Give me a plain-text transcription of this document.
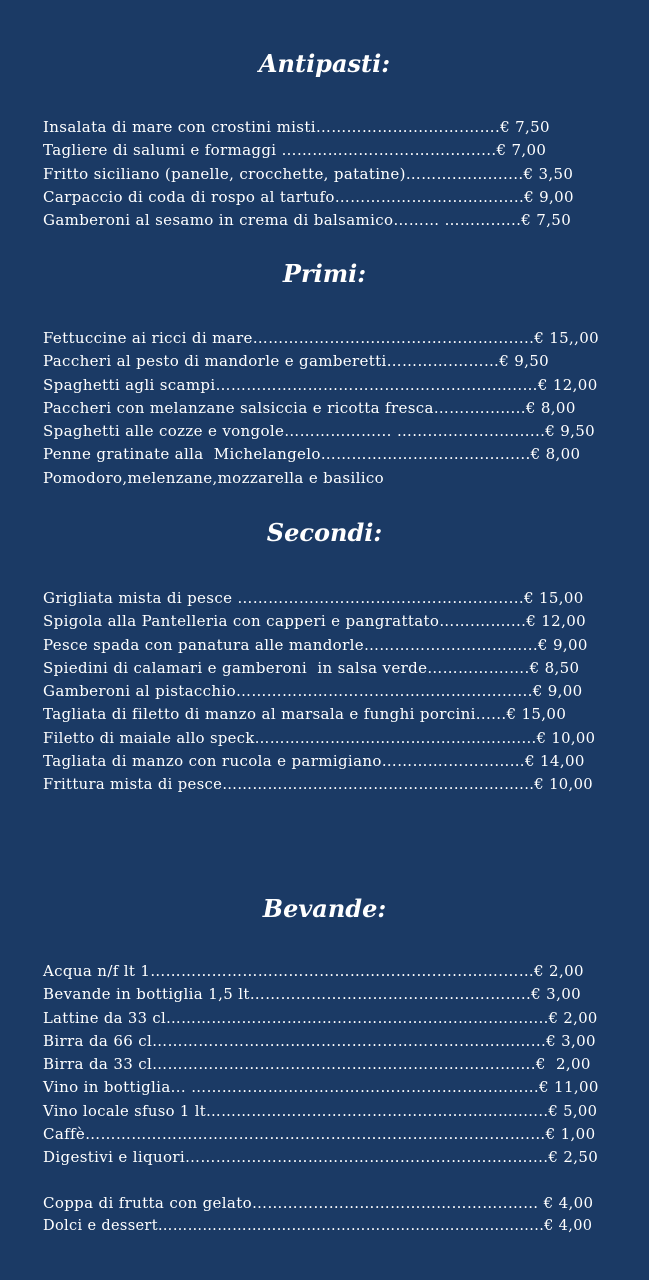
Antipasti:
Insalata di mare con crostini misti………………....…….…….€ 7,50
Tagliere di salumi e formaggi ……………….…….……..........€ 7,00
Fritto siciliano (panelle, crocchette, patatine)……….…….......€ 3,50
Carpaccio di coda di rospo al tartufo……………….…...……......€ 9,00
Gamberoni al sesamo in crema di balsamico……… ……….…..€ 7,50
Primi:
Fettuccine ai ricci di mare…………………………….….………........€ 15,,00
Paccheri al pesto di mandorle e gamberetti………….………€ 9,50
Spaghetti agli scampi……………………………………..................…€ 12,00
Paccheri con melanzane salsiccia e ricotta fresca…….…........€ 8,00
Spaghetti alle cozze e vongole………………... …….......................€ 9,50
Penne gratinate alla  Michelangelo…………………….……..........€ 8,00
Pomodoro,melenzane,mozzarella e basilico
Secondi:
Grigliata mista di pesce ……………………………………..............€ 15,00
Spigola alla Pantelleria con capperi e pangrattato…….……....€ 12,00
Pesce spada con panatura alle mandorle……………….…………...€ 9,00
Spiedini di calamari e gamberoni  in salsa verde…………….….€ 8,50
Gamberoni al pistacchio……………………………………….............€ 9,00
Tagliata di filetto di manzo al marsala e funghi porcini......€ 15,00
Filetto di maiale allo speck……………………….……........…….…....€ 10,00
Tagliata di manzo con rucola e parmigiano………….………...…€ 14,00
Frittura mista di pesce……………………………………….……….…...€ 10,00
Bevande:
Acqua n/f lt 1…………………………………………….….......…….……€ 2,00
Bevande in bottiglia 1,5 lt…………………………………....….……..€ 3,00
Lattine da 33 cl…………………………………………….......…….…........€ 2,00
Birra da 66 cl…………………………………………………….…….……...€ 3,00
Birra da 33 cl…………………………………………………….…….…….€  2,00
Vino in bottiglia... ……………………………….………….……...……...€ 11,00
Vino locale sfuso 1 lt…………………………………......…….……….......€ 5,00
Caffè…………………………………………………….……………….…….…€ 1,00
Digestivi e liquori……………………………………….......….……..…....€ 2,50
Coppa di frutta con gelato…………………………………………..…… € 4,00
Dolci e dessert……………………………………………………..................€ 4,00
